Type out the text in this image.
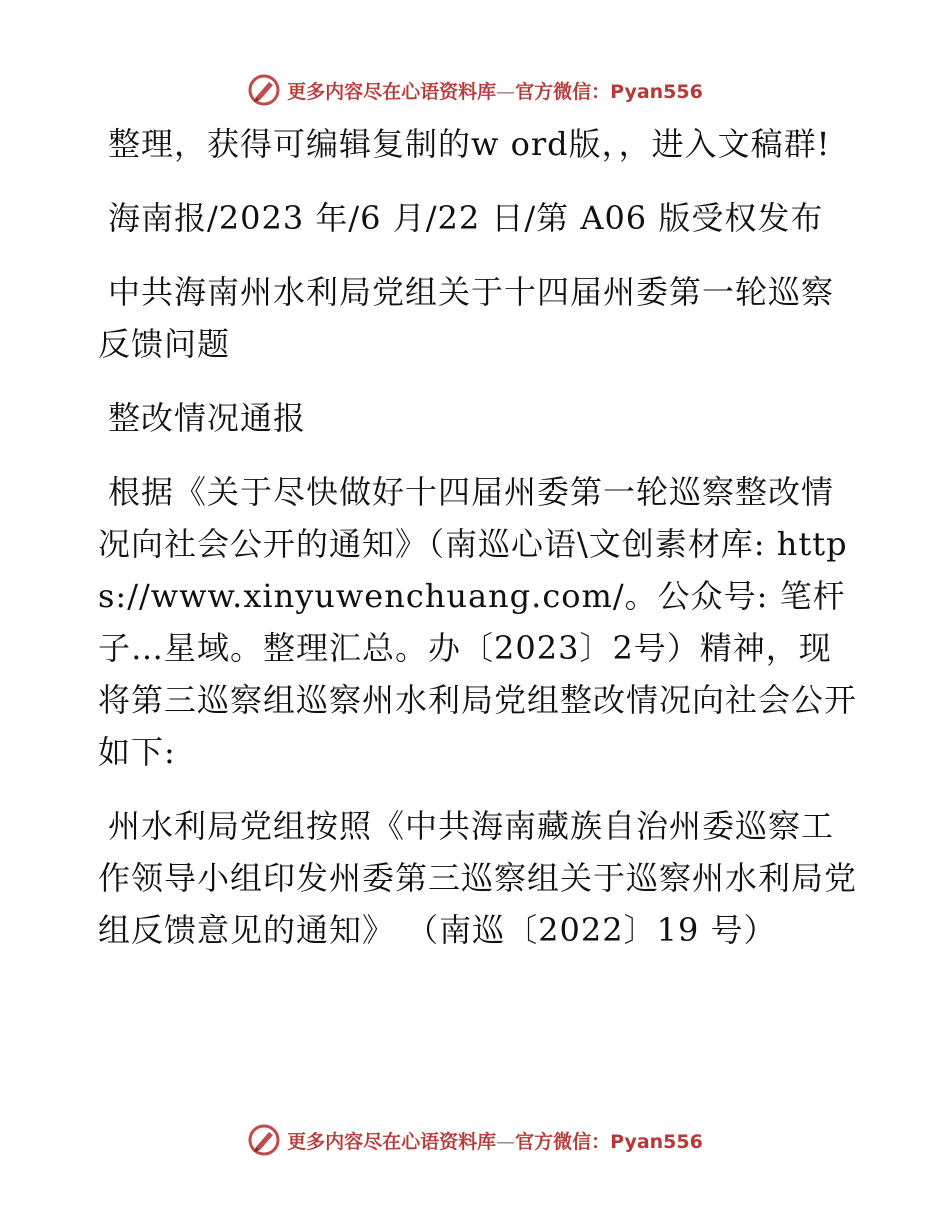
更多内容尽在心语资料库—官方微信：Pyan556

整理，获得可编辑复制的w ord版，，进入文稿群!

海南报/2023 年/6 月/22 日/第 A06 版受权发布

中共海南州水利局党组关于十四届州委第一轮巡察反馈问题

整改情况通报

根据《关于尽快做好十四届州委第一轮巡察整改情况向社会公开的通知》（南巡心语\文创素材库: https://www.xinyuwenchuang.com/。公众号: 笔杆子…星域。整理汇总。办〔2023〕2号）精神，现将第三巡察组巡察州水利局党组整改情况向社会公开如下:

州水利局党组按照《中共海南藏族自治州委巡察工作领导小组印发州委第三巡察组关于巡察州水利局党组反馈意见的通知》 （南巡〔2022〕19 号）

更多内容尽在心语资料库—官方微信：Pyan556
